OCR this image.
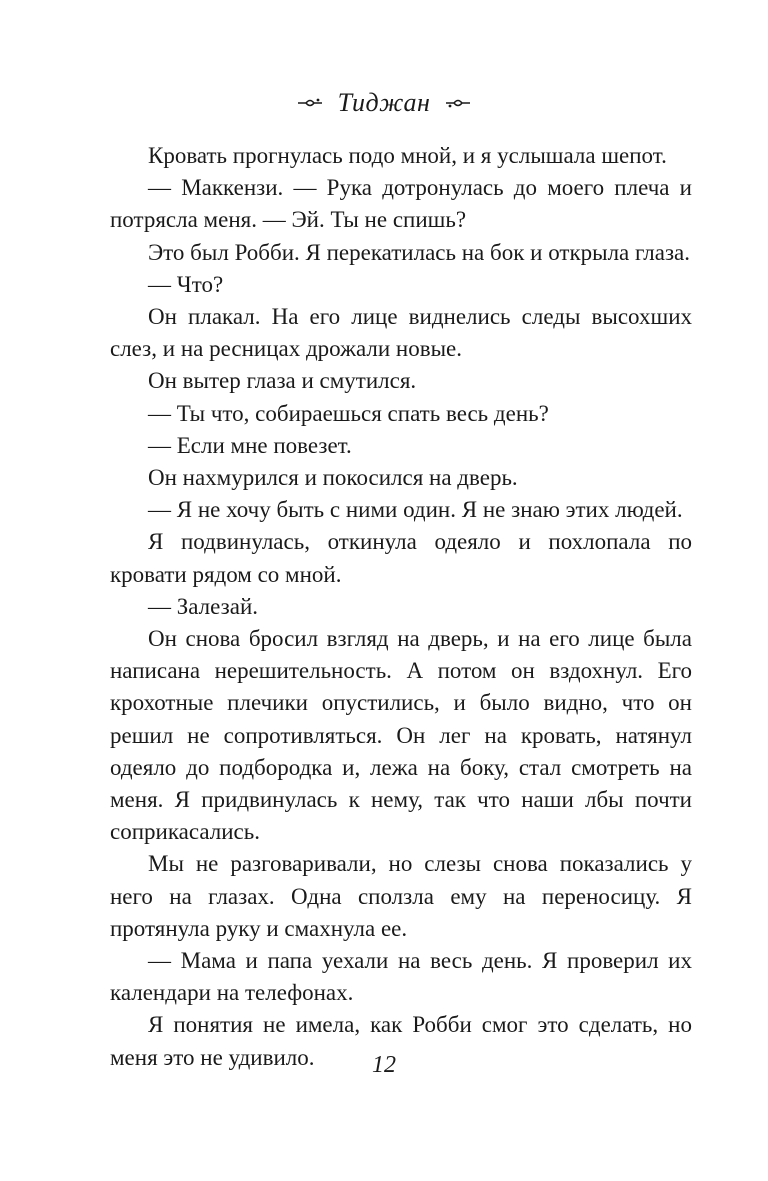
Тиджан

Кровать прогнулась подо мной, и я услышала шепот.

— Маккензи. — Рука дотронулась до моего плеча и потрясла меня. — Эй. Ты не спишь?

Это был Робби. Я перекатилась на бок и открыла глаза.

— Что?

Он плакал. На его лице виднелись следы высохших слез, и на ресницах дрожали новые.

Он вытер глаза и смутился.

— Ты что, собираешься спать весь день?

— Если мне повезет.

Он нахмурился и покосился на дверь.

— Я не хочу быть с ними один. Я не знаю этих людей.

Я подвинулась, откинула одеяло и похлопала по кровати рядом со мной.

— Залезай.

Он снова бросил взгляд на дверь, и на его лице была написана нерешительность. А потом он вздохнул. Его крохотные плечики опустились, и было видно, что он решил не сопротивляться. Он лег на кровать, натянул одеяло до подбородка и, лежа на боку, стал смотреть на меня. Я придвинулась к нему, так что наши лбы почти соприкасались.

Мы не разговаривали, но слезы снова показались у него на глазах. Одна сползла ему на переносицу. Я протянула руку и смахнула ее.

— Мама и папа уехали на весь день. Я проверил их календари на телефонах.

Я понятия не имела, как Робби смог это сделать, но меня это не удивило.	12
